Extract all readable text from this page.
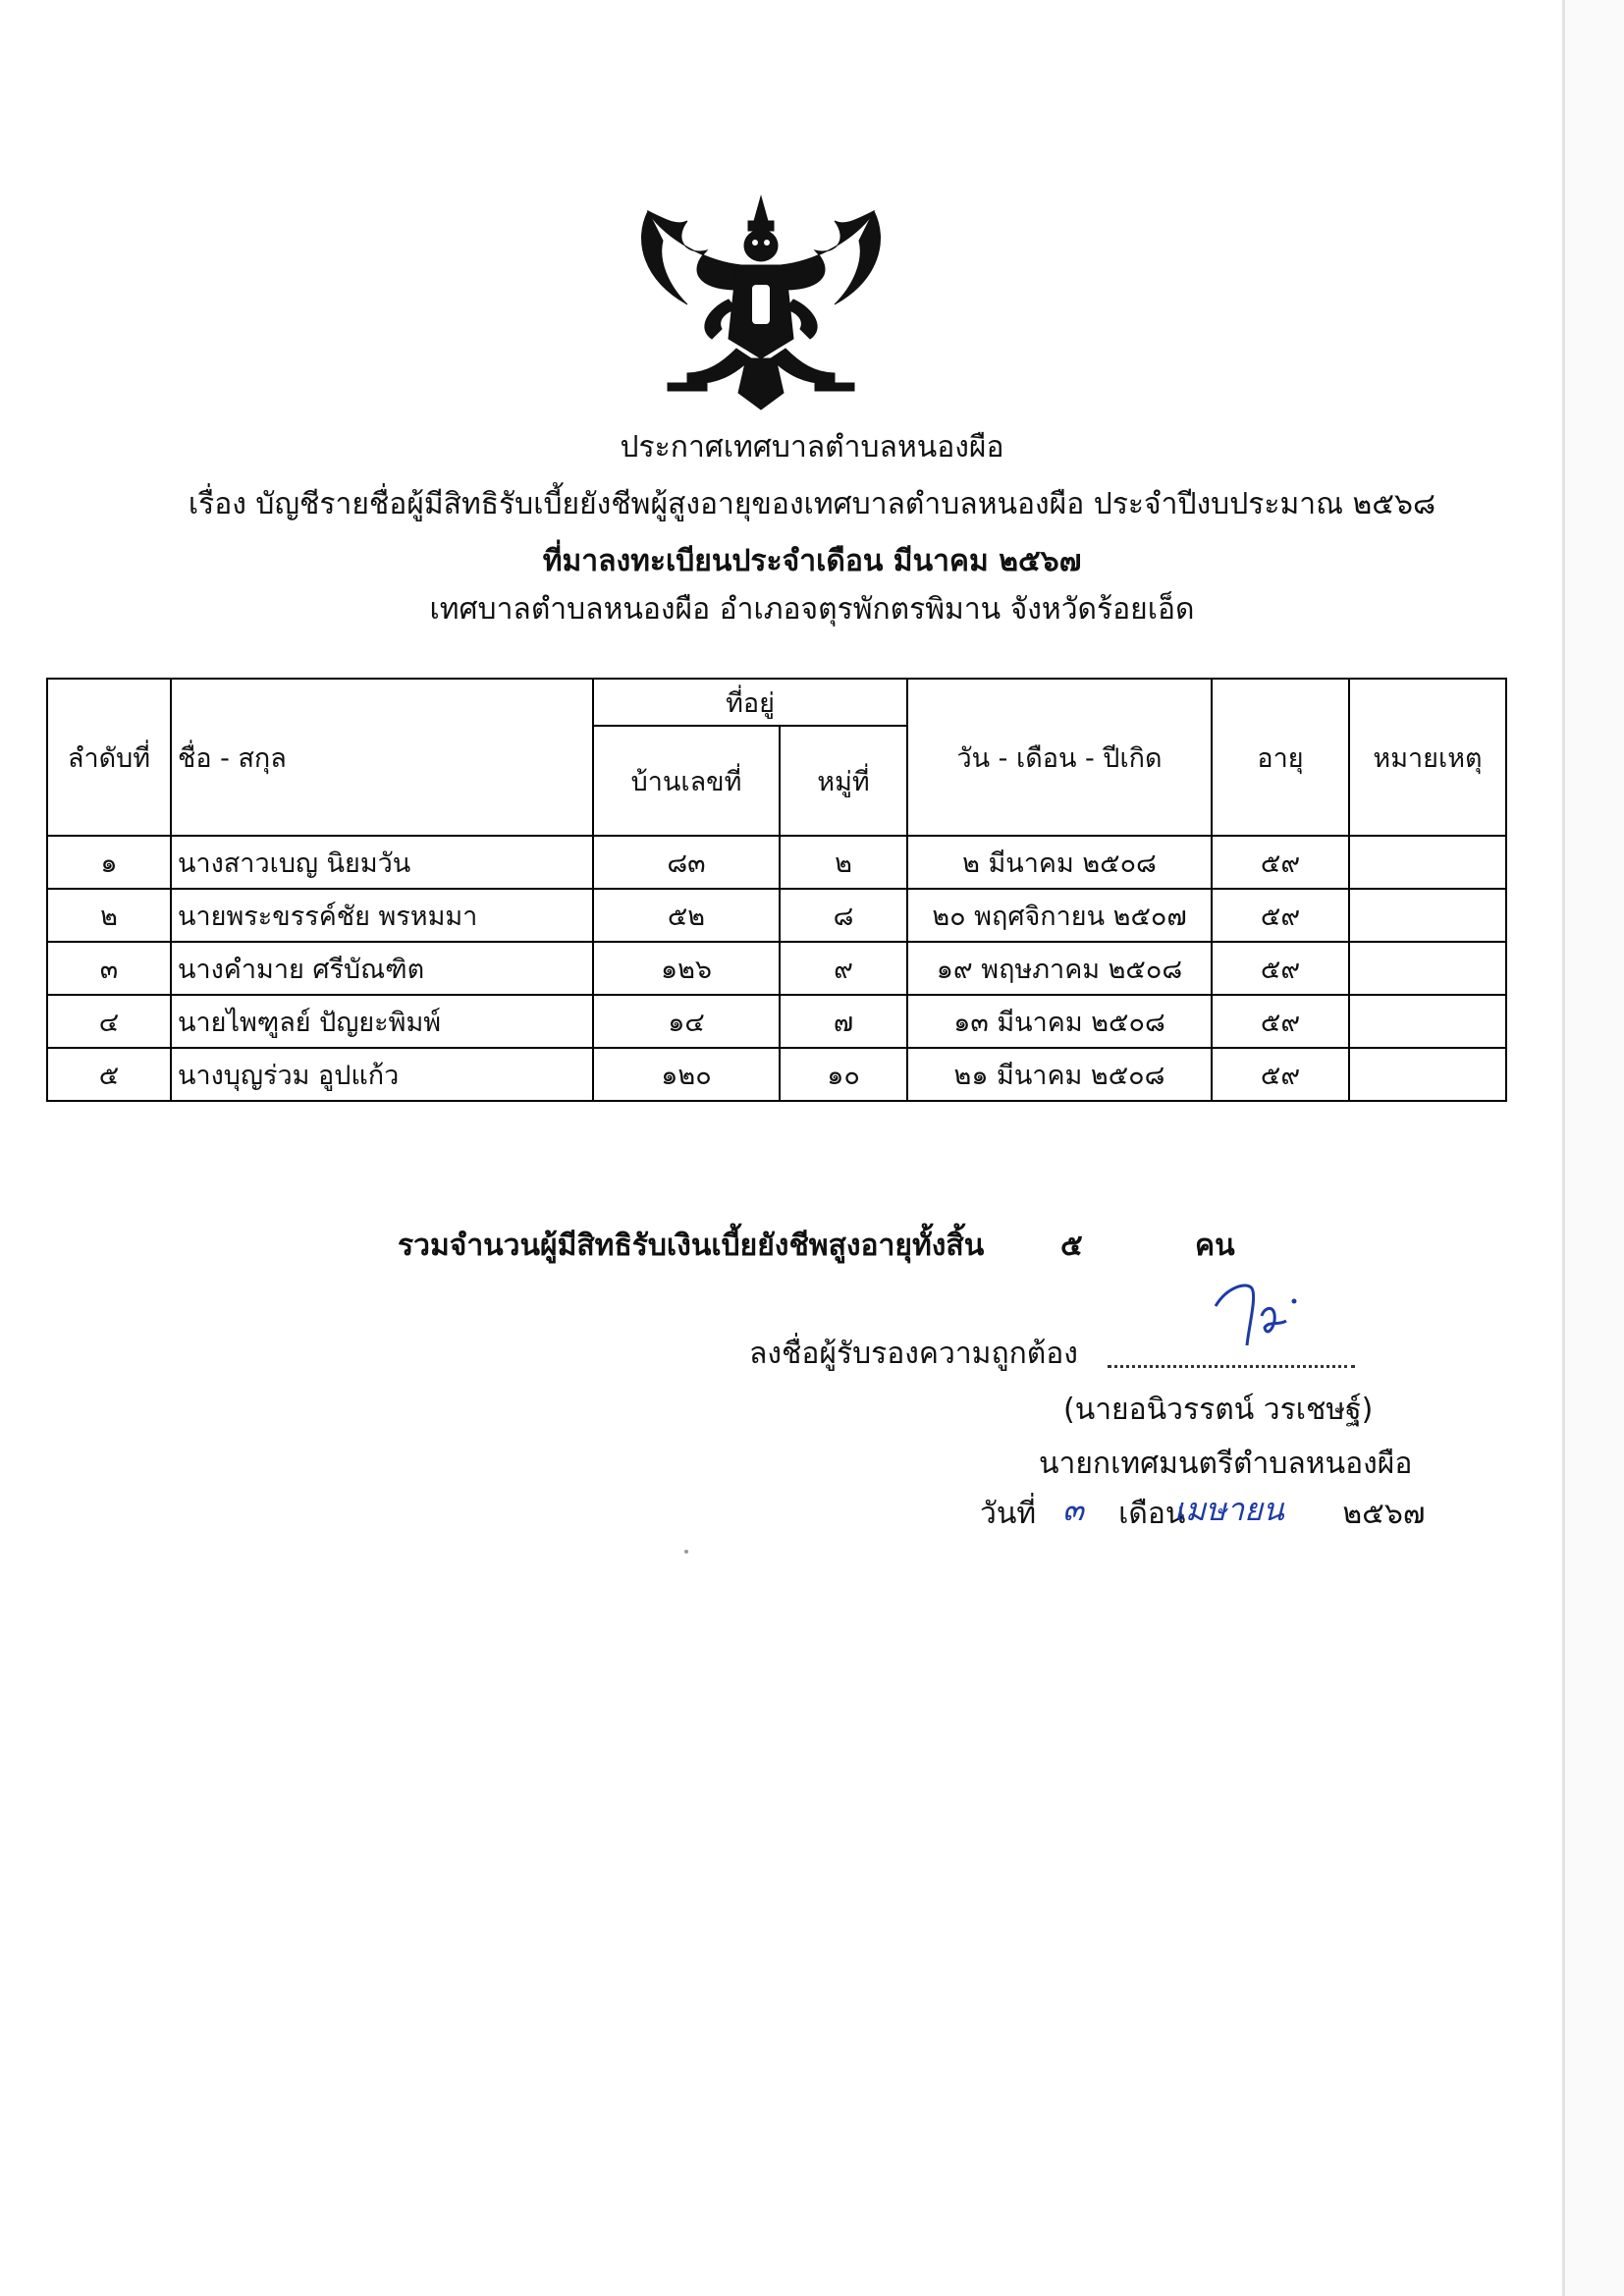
ประกาศเทศบาลตำบลหนองผือ
เรื่อง บัญชีรายชื่อผู้มีสิทธิรับเบี้ยยังชีพผู้สูงอายุของเทศบาลตำบลหนองผือ ประจำปีงบประมาณ ๒๕๖๘
ที่มาลงทะเบียนประจำเดือน มีนาคม ๒๕๖๗
เทศบาลตำบลหนองผือ อำเภอจตุรพักตรพิมาน จังหวัดร้อยเอ็ด
ลำดับที่	ชื่อ - สกุล	ที่อยู่		วัน - เดือน - ปีเกิด	อายุ	หมายเหตุ
		บ้านเลขที่	หมู่ที่			
๑	นางสาวเบญ นิยมวัน	๘๓	๒	๒ มีนาคม ๒๕๐๘	๕๙	
๒	นายพระขรรค์ชัย พรหมมา	๕๒	๘	๒๐ พฤศจิกายน ๒๕๐๗	๕๙	
๓	นางคำมาย ศรีบัณฑิต	๑๒๖	๙	๑๙ พฤษภาคม ๒๕๐๘	๕๙	
๔	นายไพฑูลย์ ปัญยะพิมพ์	๑๔	๗	๑๓ มีนาคม ๒๕๐๘	๕๙	
๕	นางบุญร่วม อูปแก้ว	๑๒๐	๑๐	๒๑ มีนาคม ๒๕๐๘	๕๙	
รวมจำนวนผู้มีสิทธิรับเงินเบี้ยยังชีพสูงอายุทั้งสิ้น	๕	คน
ลงชื่อผู้รับรองความถูกต้อง
(นายอนิวรรตน์ วรเชษฐ์)
นายกเทศมนตรีตำบลหนองผือ
วันที่	เดือน	๒๕๖๗
๓	เมษายน
